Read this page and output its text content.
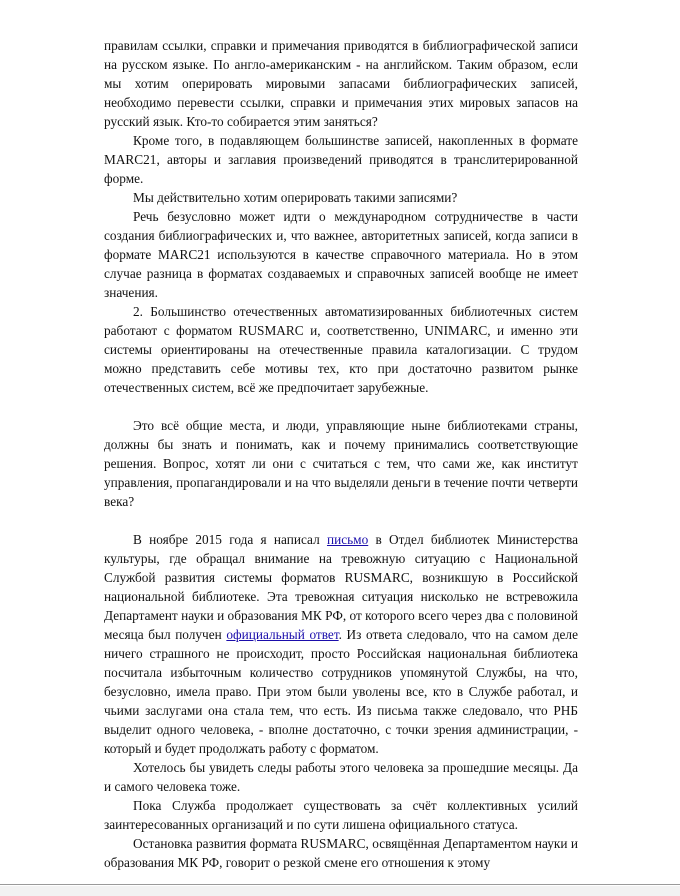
правилам ссылки, справки и примечания приводятся в библиографической записи на русском языке. По англо-американским - на английском. Таким образом, если мы хотим оперировать мировыми запасами библиографических записей, необходимо перевести ссылки, справки и примечания этих мировых запасов на русский язык. Кто-то собирается этим заняться?

Кроме того, в подавляющем большинстве записей, накопленных в формате MARC21, авторы и заглавия произведений приводятся в транслитерированной форме.

Мы действительно хотим оперировать такими записями?

Речь безусловно может идти о международном сотрудничестве в части создания библиографических и, что важнее, авторитетных записей, когда записи в формате MARC21 используются в качестве справочного материала. Но в этом случае разница в форматах создаваемых и справочных записей вообще не имеет значения.

2. Большинство отечественных автоматизированных библиотечных систем работают с форматом RUSMARC и, соответственно, UNIMARC, и именно эти системы ориентированы на отечественные правила каталогизации. С трудом можно представить себе мотивы тех, кто при достаточно развитом рынке отечественных систем, всё же предпочитает зарубежные.

Это всё общие места, и люди, управляющие ныне библиотеками страны, должны бы знать и понимать, как и почему принимались соответствующие решения. Вопрос, хотят ли они с считаться с тем, что сами же, как институт управления, пропагандировали и на что выделяли деньги в течение почти четверти века?

В ноябре 2015 года я написал письмо в Отдел библиотек Министерства культуры, где обращал внимание на тревожную ситуацию с Национальной Службой развития системы форматов RUSMARC, возникшую в Российской национальной библиотеке. Эта тревожная ситуация нисколько не встревожила Департамент науки и образования МК РФ, от которого всего через два с половиной месяца был получен официальный ответ. Из ответа следовало, что на самом деле ничего страшного не происходит, просто Российская национальная библиотека посчитала избыточным количество сотрудников упомянутой Службы, на что, безусловно, имела право. При этом были уволены все, кто в Службе работал, и чьими заслугами она стала тем, что есть. Из письма также следовало, что РНБ выделит одного человека, - вполне достаточно, с точки зрения администрации, - который и будет продолжать работу с форматом.

Хотелось бы увидеть следы работы этого человека за прошедшие месяцы. Да и самого человека тоже.

Пока Служба продолжает существовать за счёт коллективных усилий заинтересованных организаций и по сути лишена официального статуса.

Остановка развития формата RUSMARC, освящённая Департаментом науки и образования МК РФ, говорит о резкой смене его отношения к этому
